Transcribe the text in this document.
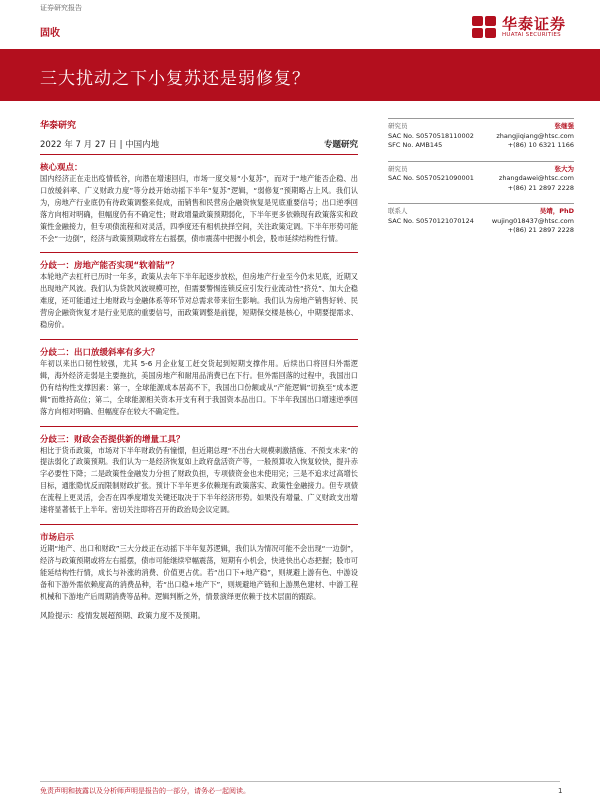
证券研究报告
固收
华泰证券
HUATAI SECURITIES
三大扰动之下小复苏还是弱修复？
华泰研究
2022 年 7 月 27 日 | 中国内地	专题研究
核心观点：
国内经济正在走出疫情低谷，向潜在增速回归，市场一度交易“小复苏”，而对于“地产能否企稳、出口放缓斜率、广义财政力度”等分歧开始动摇下半年“复苏”逻辑，“弱修复”预期略占上风。我们认为，房地产行业底仍有待政策调整来促成，而销售和民营房企融资恢复是见底重要信号；出口逆季回落方向相对明确，但幅度仍有不确定性；财政增量政策预期弱化，下半年更多依赖现有政策落实和政策性金融接力，但专项债流程和对灵活，四季度还有相机抉择空间，关注政策定调。下半年形势可能不会“一边倒”，经济与政策预期或将左右摇摆，债市震荡中把握小机会，股市延续结构性行情。
分歧一：房地产能否实现“软着陆”？
本轮地产去杠杆已历时一年多，政策从去年下半年起逐步放松，但房地产行业至今仍未见底，近期又出现地产风波。我们认为贷款风波规模可控，但需要警惕连锁反应引发行业流动性“挤兑”、加大企稳难度，还可能通过土地财政与金融体系等环节对总需求带来衍生影响。我们认为房地产销售好转、民营房企融资恢复才是行业见底的重要信号，而政策调整是前提，短期保交楼是核心，中期要提需求、稳房价。
分歧二：出口放缓斜率有多大？
年初以来出口韧性较强，尤其 5-6 月企业复工赶交货起到短期支撑作用。后续出口将回归外需逻辑，海外经济走弱是主要拖抗，美国房地产和耐用品消费已在下行。但外需回落的过程中，我国出口仍有结构性支撑因素：第一，全球能源成本居高不下，我国出口份额或从“产能逻辑”切换至“成本逻辑”而维持高位；第二，全球能源相关资本开支有利于我国资本品出口。下半年我国出口增速逆季回落方向相对明确、但幅度存在较大不确定性。
分歧三：财政会否提供新的增量工具？
相比于货币政策，市场对下半年财政仍有憧憬，但近期总理“不出台大规模刺激措施、不预支未来”的提法弱化了政策预期。我们认为一是经济恢复如上政府盘活资产等，一般预算收入恢复较快，提升赤字必要性下降；二是政策性金融发力分担了财政负担，专项债资金也未使用完；三是不追求过高增长目标，通胀隐忧反而限制财政扩张。预计下半年更多依赖现有政策落实、政策性金融接力。但专项债在流程上更灵活，会否在四季度增发关键还取决于下半年经济形势。如果没有增量、广义财政支出增速将显著低于上半年。密切关注即将召开的政治局会议定调。
市场启示
近期“地产、出口和财政”三大分歧正在动摇下半年复苏逻辑，我们认为情况可能不会出现“一边倒”，经济与政策预期或将左右摇摆，债市可能继续窄幅震荡，短期有小机会，快进快出心态把握；股市可能延结构性行情，成长与补涨的消费、价值更占优。若“出口下+地产稳”，则规避上游有色、中游设备和下游外需依赖度高的消费品种，若“出口稳+地产下”，则规避地产链和上游黑色建材、中游工程机械和下游地产后周期消费等品种。逻辑判断之外，情景演绎更依赖于技术层面的跟踪。
风险提示：疫情发展超预期、政策力度不及预期。
研究员	张继强
SAC No. S0570518110002	zhangjiqiang@htsc.com
SFC No. AMB145	+(86) 10 6321 1166
研究员	张大为
SAC No. S0570521090001	zhangdawei@htsc.com
+(86) 21 2897 2228
联系人	吴靖，PhD
SAC No. S0570121070124	wujing018437@htsc.com
+(86) 21 2897 2228
免责声明和披露以及分析师声明是报告的一部分，请务必一起阅读。	1
